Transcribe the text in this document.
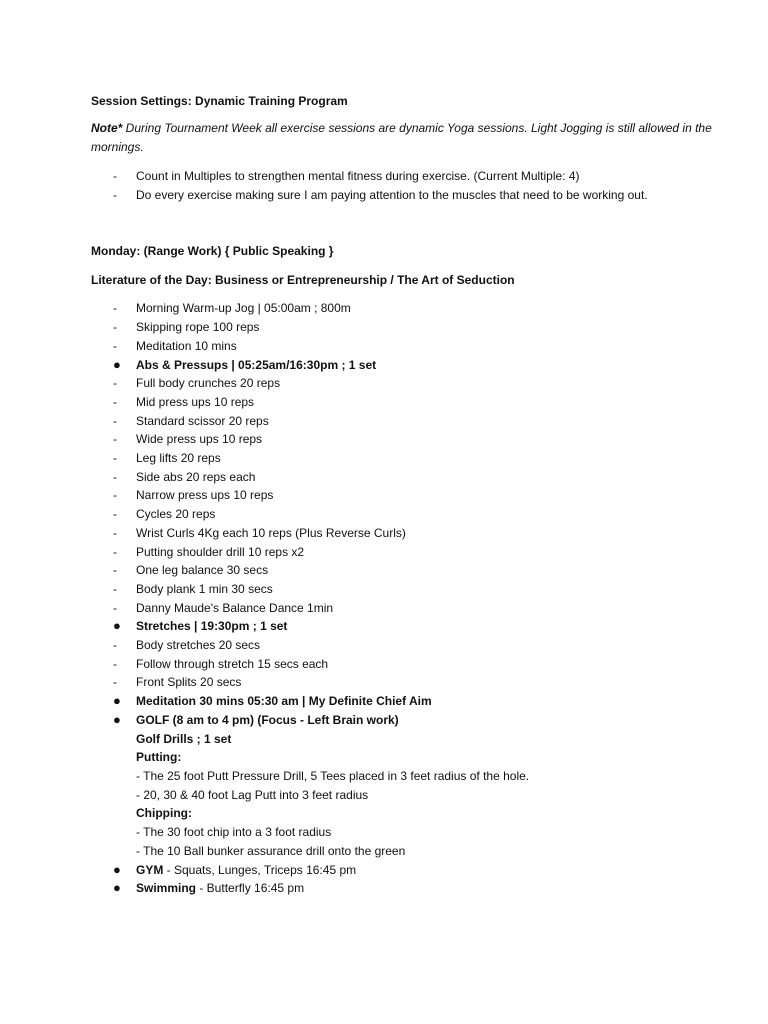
Session Settings: Dynamic Training Program

Note* During Tournament Week all exercise sessions are dynamic Yoga sessions. Light Jogging is still allowed in the mornings.

-	Count in Multiples to strengthen mental fitness during exercise. (Current Multiple: 4)
-	Do every exercise making sure I am paying attention to the muscles that need to be working out.

Monday: (Range Work) { Public Speaking }

Literature of the Day: Business or Entrepreneurship / The Art of Seduction

-	Morning Warm-up Jog | 05:00am ; 800m
-	Skipping rope 100 reps
-	Meditation 10 mins
●	Abs & Pressups | 05:25am/16:30pm ; 1 set
-	Full body crunches 20 reps
-	Mid press ups 10 reps
-	Standard scissor 20 reps
-	Wide press ups 10 reps
-	Leg lifts 20 reps
-	Side abs 20 reps each
-	Narrow press ups 10 reps
-	Cycles 20 reps
-	Wrist Curls 4Kg each 10 reps (Plus Reverse Curls)
-	Putting shoulder drill 10 reps x2
-	One leg balance 30 secs
-	Body plank 1 min 30 secs
-	Danny Maude's Balance Dance 1min
●	Stretches | 19:30pm ; 1 set
-	Body stretches 20 secs
-	Follow through stretch 15 secs each
-	Front Splits 20 secs
●	Meditation 30 mins 05:30 am | My Definite Chief Aim
●	GOLF (8 am to 4 pm) (Focus - Left Brain work)

Golf Drills ; 1 set

Putting:

- The 25 foot Putt Pressure Drill, 5 Tees placed in 3 feet radius of the hole.

- 20, 30 & 40 foot Lag Putt into 3 feet radius

Chipping:

- The 30 foot chip into a 3 foot radius

- The 10 Ball bunker assurance drill onto the green

●	GYM - Squats, Lunges, Triceps 16:45 pm
●	Swimming - Butterfly 16:45 pm
